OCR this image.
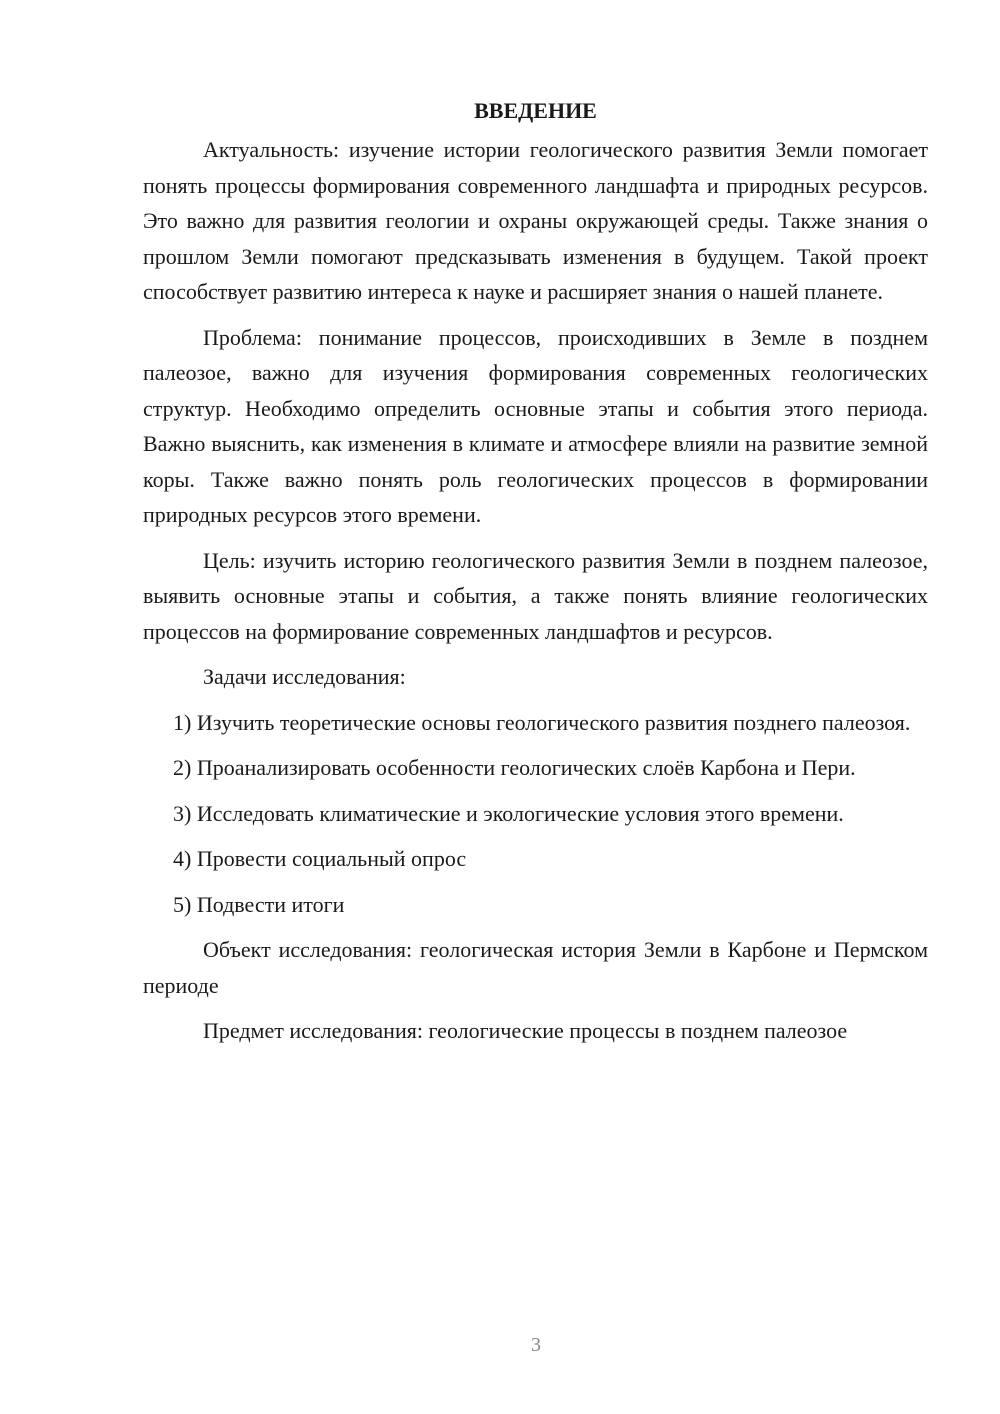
ВВЕДЕНИЕ

Актуальность: изучение истории геологического развития Земли помогает понять процессы формирования современного ландшафта и природных ресурсов. Это важно для развития геологии и охраны окружающей среды. Также знания о прошлом Земли помогают предсказывать изменения в будущем. Такой проект способствует развитию интереса к науке и расширяет знания о нашей планете.

Проблема: понимание процессов, происходивших в Земле в позднем палеозое, важно для изучения формирования современных геологических структур. Необходимо определить основные этапы и события этого периода. Важно выяснить, как изменения в климате и атмосфере влияли на развитие земной коры. Также важно понять роль геологических процессов в формировании природных ресурсов этого времени.

Цель: изучить историю геологического развития Земли в позднем палеозое, выявить основные этапы и события, а также понять влияние геологических процессов на формирование современных ландшафтов и ресурсов.

Задачи исследования:

1) Изучить теоретические основы геологического развития позднего палеозоя.

2) Проанализировать особенности геологических слоёв Карбона и Пери.

3) Исследовать климатические и экологические условия этого времени.

4) Провести социальный опрос

5) Подвести итоги

Объект исследования: геологическая история Земли в Карбоне и Пермском периоде

Предмет исследования: геологические процессы в позднем палеозое

3
